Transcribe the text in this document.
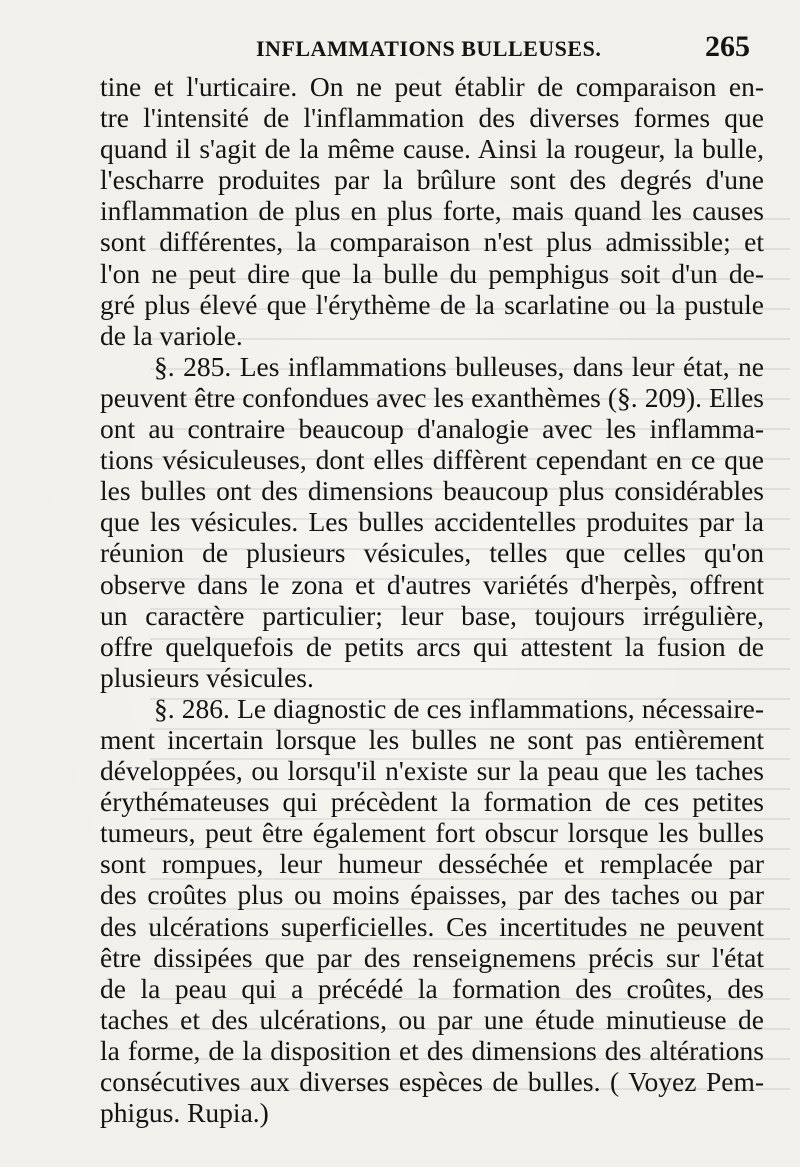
INFLAMMATIONS BULLEUSES.	265
tine et l'urticaire. On ne peut établir de comparaison en-
tre l'intensité de l'inflammation des diverses formes que
quand il s'agit de la même cause. Ainsi la rougeur, la bulle,
l'escharre produites par la brûlure sont des degrés d'une
inflammation de plus en plus forte, mais quand les causes
sont différentes, la comparaison n'est plus admissible; et
l'on ne peut dire que la bulle du pemphigus soit d'un de-
gré plus élevé que l'érythème de la scarlatine ou la pustule
de la variole.
§. 285. Les inflammations bulleuses, dans leur état, ne
peuvent être confondues avec les exanthèmes (§. 209). Elles
ont au contraire beaucoup d'analogie avec les inflamma-
tions vésiculeuses, dont elles diffèrent cependant en ce que
les bulles ont des dimensions beaucoup plus considérables
que les vésicules. Les bulles accidentelles produites par la
réunion de plusieurs vésicules, telles que celles qu'on
observe dans le zona et d'autres variétés d'herpès, offrent
un caractère particulier; leur base, toujours irrégulière,
offre quelquefois de petits arcs qui attestent la fusion de
plusieurs vésicules.
§. 286. Le diagnostic de ces inflammations, nécessaire-
ment incertain lorsque les bulles ne sont pas entièrement
développées, ou lorsqu'il n'existe sur la peau que les taches
érythémateuses qui précèdent la formation de ces petites
tumeurs, peut être également fort obscur lorsque les bulles
sont rompues, leur humeur desséchée et remplacée par
des croûtes plus ou moins épaisses, par des taches ou par
des ulcérations superficielles. Ces incertitudes ne peuvent
être dissipées que par des renseignemens précis sur l'état
de la peau qui a précédé la formation des croûtes, des
taches et des ulcérations, ou par une étude minutieuse de
la forme, de la disposition et des dimensions des altérations
consécutives aux diverses espèces de bulles. ( Voyez Pem-
phigus. Rupia.)
